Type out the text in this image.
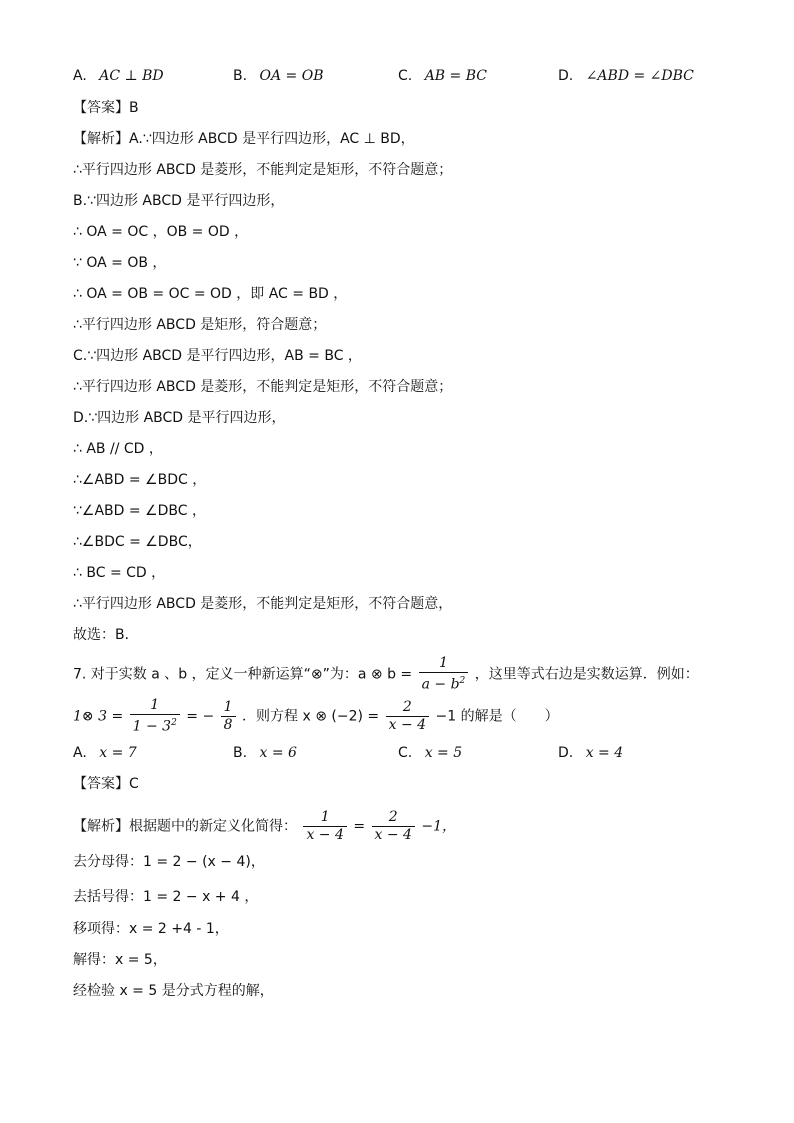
A. AC ⊥ BD	B. OA = OB	C. AB = BC	D. ∠ABD = ∠DBC
【答案】B
【解析】A.∵四边形 ABCD 是平行四边形，AC ⊥ BD，
∴平行四边形 ABCD 是菱形，不能判定是矩形，不符合题意；
B.∵四边形 ABCD 是平行四边形，
∴ OA = OC ，OB = OD ，
∵ OA = OB ，
∴ OA = OB = OC = OD ，即 AC = BD ，
∴平行四边形 ABCD 是矩形，符合题意；
C.∵四边形 ABCD 是平行四边形，AB = BC ，
∴平行四边形 ABCD 是菱形，不能判定是矩形，不符合题意；
D.∵四边形 ABCD 是平行四边形，
∴ AB // CD ，
∴∠ABD = ∠BDC ，
∵∠ABD = ∠DBC ，
∴∠BDC = ∠DBC，
∴ BC = CD ，
∴平行四边形 ABCD 是菱形，不能判定是矩形，不符合题意，
故选：B．
7. 对于实数 a 、b ，定义一种新运算“⊗”为：a ⊗ $b = \frac{1}{a - b^2}$ ，这里等式右边是实数运算．例如：
1⊗ $3 = \frac{1}{1 - 3^2}$ = − $\frac{1}{8}$ ．则方程 x ⊗ $(-2) = \frac{2}{x - 4} -1$ 的解是（　　）
A. x = 7	B. x = 6	C. x = 5	D. x = 4
【答案】C
【解析】根据题中的新定义化简得： $\frac{1}{x - 4} = \frac{2}{x - 4} -1$，
去分母得：1 = 2 − (x − 4)，
去括号得：1 = 2 − x + 4 ，
移项得：x = 2 +4 - 1，
解得：x = 5，
经检验 x = 5 是分式方程的解，
